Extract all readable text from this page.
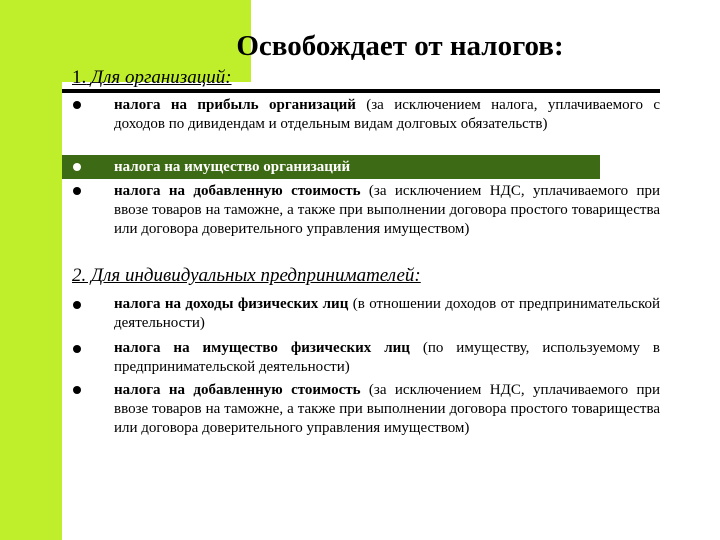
Освобождает от налогов:
1. Для организаций:
налога на прибыль организаций (за исключением налога, уплачиваемого с доходов по дивидендам и отдельным видам долговых обязательств)
налога на имущество организаций
налога на добавленную стоимость (за исключением НДС, уплачиваемого при ввозе товаров на таможне, а также при выполнении договора простого товарищества или договора доверительного управления имуществом)
2. Для индивидуальных предпринимателей:
налога на доходы физических лиц (в отношении доходов от предпринимательской деятельности)
налога на имущество физических лиц (по имуществу, используемому в предпринимательской деятельности)
налога на добавленную стоимость (за исключением НДС, уплачиваемого при ввозе товаров на таможне, а также при выполнении договора простого товарищества или договора доверительного управления имуществом)
